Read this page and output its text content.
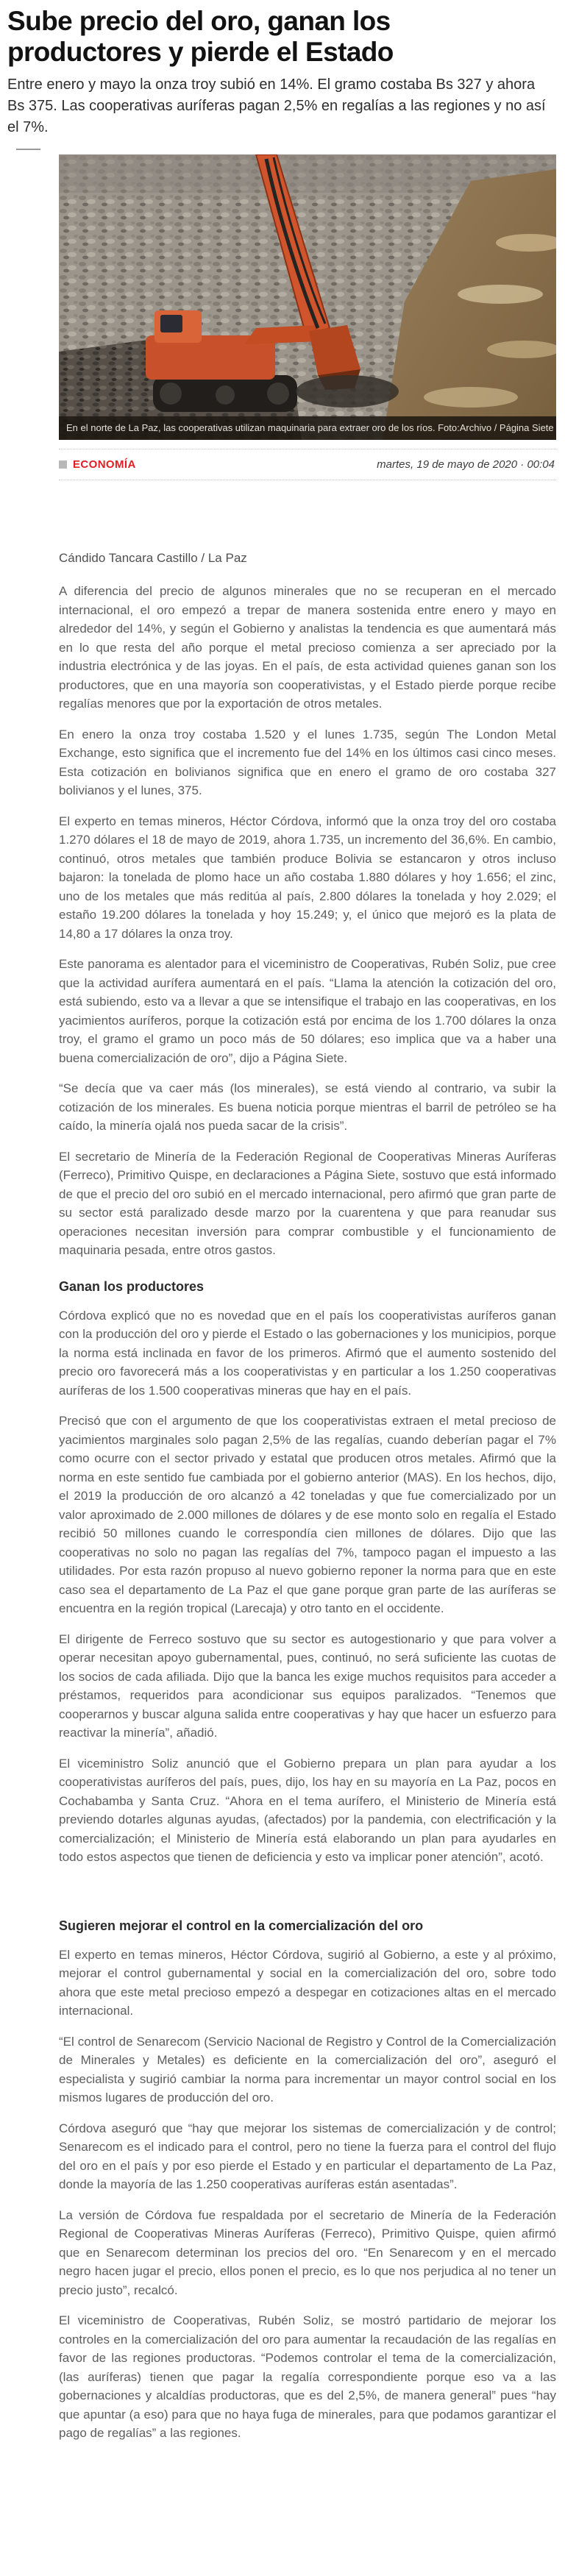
Sube precio del oro, ganan los productores y pierde el Estado

Entre enero y mayo la onza troy subió en 14%. El gramo costaba Bs 327 y ahora Bs 375. Las cooperativas auríferas pagan 2,5% en regalías a las regiones y no así el 7%.

En el norte de La Paz, las cooperativas utilizan maquinaria para extraer oro de los ríos. Foto:Archivo / Página Siete
ECONOMÍA	martes, 19 de mayo de 2020 · 00:04
Cándido Tancara Castillo / La Paz

A diferencia del precio de algunos minerales que no se recuperan en el mercado internacional, el oro empezó a trepar de manera sostenida entre enero y mayo en alrededor del 14%, y según el Gobierno y analistas la tendencia es que aumentará más en lo que resta del año porque el metal precioso comienza a ser apreciado por la industria electrónica y de las joyas. En el país, de esta actividad quienes ganan son los productores, que en una mayoría son cooperativistas, y el Estado pierde porque recibe regalías menores que por la exportación de otros metales.

En enero la onza troy costaba 1.520 y el lunes 1.735, según The London Metal Exchange, esto significa que el incremento fue del 14% en los últimos casi cinco meses. Esta cotización en bolivianos significa que en enero el gramo de oro costaba 327 bolivianos y el lunes, 375.

El experto en temas mineros, Héctor Córdova, informó que la onza troy del oro costaba 1.270 dólares el 18 de mayo de 2019, ahora 1.735, un incremento del 36,6%. En cambio, continuó, otros metales que también produce Bolivia se estancaron y otros incluso bajaron: la tonelada de plomo hace un año costaba 1.880 dólares y hoy 1.656; el zinc, uno de los metales que más reditúa al país, 2.800 dólares la tonelada y hoy 2.029; el estaño 19.200 dólares la tonelada y hoy 15.249; y, el único que mejoró es la plata de 14,80 a 17 dólares la onza troy.

Este panorama es alentador para el viceministro de Cooperativas, Rubén Soliz, pue cree que la actividad aurífera aumentará en el país. “Llama la atención la cotización del oro, está subiendo, esto va a llevar a que se intensifique el trabajo en las cooperativas, en los yacimientos auríferos, porque la cotización está por encima de los 1.700 dólares la onza troy, el gramo el gramo un poco más de 50 dólares; eso implica que va a haber una buena comercialización de oro”, dijo a Página Siete.

“Se decía que va caer más (los minerales), se está viendo al contrario, va subir la cotización de los minerales. Es buena noticia porque mientras el barril de petróleo se ha caído, la minería ojalá nos pueda sacar de la crisis”.

El secretario de Minería de la Federación Regional de Cooperativas Mineras Auríferas (Ferreco), Primitivo Quispe, en declaraciones a Página Siete, sostuvo que está informado de que el precio del oro subió en el mercado internacional, pero afirmó que gran parte de su sector está paralizado desde marzo por la cuarentena y que para reanudar sus operaciones necesitan inversión para comprar combustible y el funcionamiento de maquinaria pesada, entre otros gastos.

Ganan los productores

Córdova explicó que no es novedad que en el país los cooperativistas auríferos ganan con la producción del oro y pierde el Estado o las gobernaciones y los municipios, porque la norma está inclinada en favor de los primeros. Afirmó que el aumento sostenido del precio oro favorecerá más a los cooperativistas y en particular a los 1.250 cooperativas auríferas de los 1.500 cooperativas mineras que hay en el país.

Precisó que con el argumento de que los cooperativistas extraen el metal precioso de yacimientos marginales solo pagan 2,5% de las regalías, cuando deberían pagar el 7% como ocurre con el sector privado y estatal que producen otros metales. Afirmó que la norma en este sentido fue cambiada por el gobierno anterior (MAS). En los hechos, dijo, el 2019 la producción de oro alcanzó a 42 toneladas y que fue comercializado por un valor aproximado de 2.000 millones de dólares y de ese monto solo en regalía el Estado recibió 50 millones cuando le correspondía cien millones de dólares. Dijo que las cooperativas no solo no pagan las regalías del 7%, tampoco pagan el impuesto a las utilidades. Por esta razón propuso al nuevo gobierno reponer la norma para que en este caso sea el departamento de La Paz el que gane porque gran parte de las auríferas se encuentra en la región tropical (Larecaja) y otro tanto en el occidente.

El dirigente de Ferreco sostuvo que su sector es autogestionario y que para volver a operar necesitan apoyo gubernamental, pues, continuó, no será suficiente las cuotas de los socios de cada afiliada. Dijo que la banca les exige muchos requisitos para acceder a préstamos, requeridos para acondicionar sus equipos paralizados. “Tenemos que cooperarnos y buscar alguna salida entre cooperativas y hay que hacer un esfuerzo para reactivar la minería”, añadió.

El viceministro Soliz anunció que el Gobierno prepara un plan para ayudar a los cooperativistas auríferos del país, pues, dijo, los hay en su mayoría en La Paz, pocos en Cochabamba y Santa Cruz. “Ahora en el tema aurífero, el Ministerio de Minería está previendo dotarles algunas ayudas, (afectados) por la pandemia, con electrificación y la comercialización; el Ministerio de Minería está elaborando un plan para ayudarles en todo estos aspectos que tienen de deficiencia y esto va implicar poner atención”, acotó.

Sugieren mejorar el control en la comercialización del oro

El experto en temas mineros, Héctor Córdova, sugirió al Gobierno, a este y al próximo, mejorar el control gubernamental y social en la comercialización del oro, sobre todo ahora que este metal precioso empezó a despegar en cotizaciones altas en el mercado internacional.

“El control de Senarecom (Servicio Nacional de Registro y Control de la Comercialización de Minerales y Metales) es deficiente en la comercialización del oro”, aseguró el especialista y sugirió cambiar la norma para incrementar un mayor control social en los mismos lugares de producción del oro.

Córdova aseguró que “hay que mejorar los sistemas de comercialización y de control; Senarecom es el indicado para el control, pero no tiene la fuerza para el control del flujo del oro en el país y por eso pierde el Estado y en particular el departamento de La Paz, donde la mayoría de las 1.250 cooperativas auríferas están asentadas”.

La versión de Córdova fue respaldada por el secretario de Minería de la Federación Regional de Cooperativas Mineras Auríferas (Ferreco), Primitivo Quispe, quien afirmó que en Senarecom determinan los precios del oro. “En Senarecom y en el mercado negro hacen jugar el precio, ellos ponen el precio, es lo que nos perjudica al no tener un precio justo”, recalcó.

El viceministro de Cooperativas, Rubén Soliz, se mostró partidario de mejorar los controles en la comercialización del oro para aumentar la recaudación de las regalías en favor de las regiones productoras. “Podemos controlar el tema de la comercialización, (las auríferas) tienen que pagar la regalía correspondiente porque eso va a las gobernaciones y alcaldías productoras, que es del 2,5%, de manera general” pues “hay que apuntar (a eso) para que no haya fuga de minerales, para que podamos garantizar el pago de regalías” a las regiones.
